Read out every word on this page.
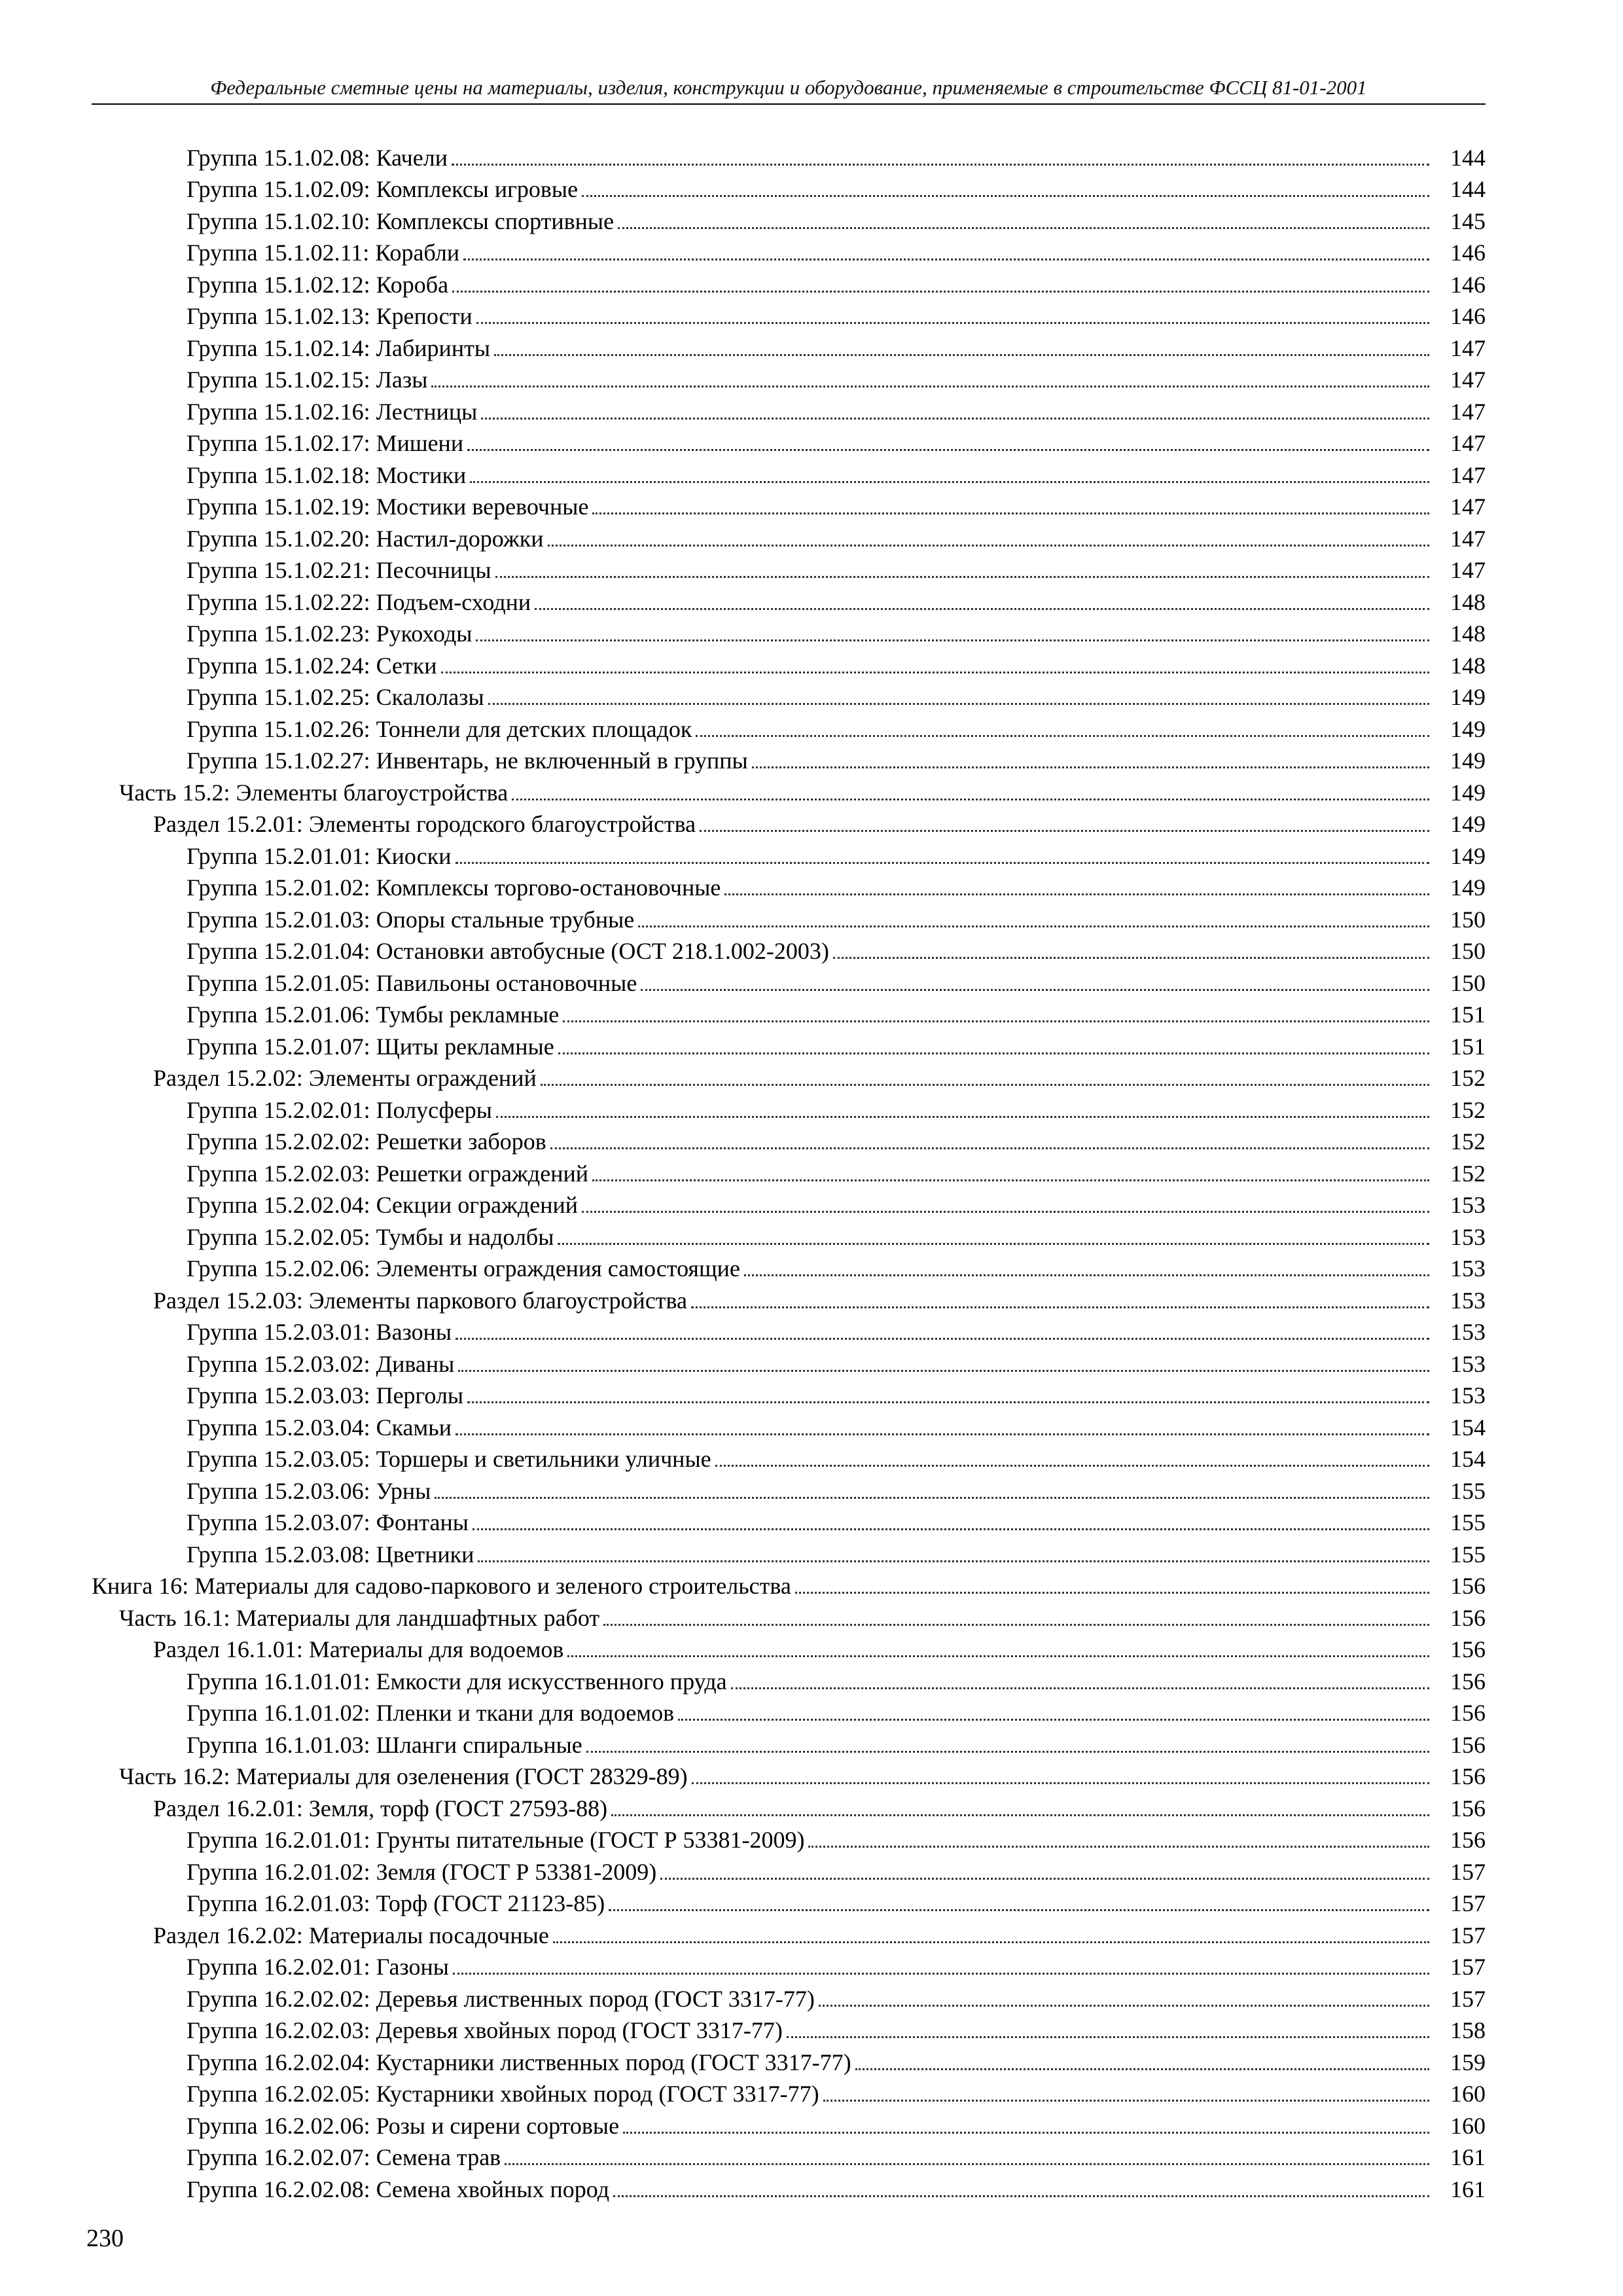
Федеральные сметные цены на материалы, изделия, конструкции и оборудование, применяемые в строительстве ФССЦ 81-01-2001
Группа 15.1.02.08: Качели	144
Группа 15.1.02.09: Комплексы игровые	144
Группа 15.1.02.10: Комплексы спортивные	145
Группа 15.1.02.11: Корабли	146
Группа 15.1.02.12: Короба	146
Группа 15.1.02.13: Крепости	146
Группа 15.1.02.14: Лабиринты	147
Группа 15.1.02.15: Лазы	147
Группа 15.1.02.16: Лестницы	147
Группа 15.1.02.17: Мишени	147
Группа 15.1.02.18: Мостики	147
Группа 15.1.02.19: Мостики веревочные	147
Группа 15.1.02.20: Настил-дорожки	147
Группа 15.1.02.21: Песочницы	147
Группа 15.1.02.22: Подъем-сходни	148
Группа 15.1.02.23: Рукоходы	148
Группа 15.1.02.24: Сетки	148
Группа 15.1.02.25: Скалолазы	149
Группа 15.1.02.26: Тоннели для детских площадок	149
Группа 15.1.02.27: Инвентарь, не включенный в группы	149
Часть 15.2: Элементы благоустройства	149
Раздел 15.2.01: Элементы городского благоустройства	149
Группа 15.2.01.01: Киоски	149
Группа 15.2.01.02: Комплексы торгово-остановочные	149
Группа 15.2.01.03: Опоры стальные трубные	150
Группа 15.2.01.04: Остановки автобусные (ОСТ 218.1.002-2003)	150
Группа 15.2.01.05: Павильоны остановочные	150
Группа 15.2.01.06: Тумбы рекламные	151
Группа 15.2.01.07: Щиты рекламные	151
Раздел 15.2.02: Элементы ограждений	152
Группа 15.2.02.01: Полусферы	152
Группа 15.2.02.02: Решетки заборов	152
Группа 15.2.02.03: Решетки ограждений	152
Группа 15.2.02.04: Секции ограждений	153
Группа 15.2.02.05: Тумбы и надолбы	153
Группа 15.2.02.06: Элементы ограждения самостоящие	153
Раздел 15.2.03: Элементы паркового благоустройства	153
Группа 15.2.03.01: Вазоны	153
Группа 15.2.03.02: Диваны	153
Группа 15.2.03.03: Перголы	153
Группа 15.2.03.04: Скамьи	154
Группа 15.2.03.05: Торшеры и светильники уличные	154
Группа 15.2.03.06: Урны	155
Группа 15.2.03.07: Фонтаны	155
Группа 15.2.03.08: Цветники	155
Книга 16: Материалы для садово-паркового и зеленого строительства	156
Часть 16.1: Материалы для ландшафтных работ	156
Раздел 16.1.01: Материалы для водоемов	156
Группа 16.1.01.01: Емкости для искусственного пруда	156
Группа 16.1.01.02: Пленки и ткани для водоемов	156
Группа 16.1.01.03: Шланги спиральные	156
Часть 16.2: Материалы для озеленения (ГОСТ 28329-89)	156
Раздел 16.2.01: Земля, торф (ГОСТ 27593-88)	156
Группа 16.2.01.01: Грунты питательные (ГОСТ Р 53381-2009)	156
Группа 16.2.01.02: Земля (ГОСТ Р 53381-2009)	157
Группа 16.2.01.03: Торф (ГОСТ 21123-85)	157
Раздел 16.2.02: Материалы посадочные	157
Группа 16.2.02.01: Газоны	157
Группа 16.2.02.02: Деревья лиственных пород (ГОСТ 3317-77)	157
Группа 16.2.02.03: Деревья хвойных пород (ГОСТ 3317-77)	158
Группа 16.2.02.04: Кустарники лиственных пород (ГОСТ 3317-77)	159
Группа 16.2.02.05: Кустарники хвойных пород (ГОСТ 3317-77)	160
Группа 16.2.02.06: Розы и сирени сортовые	160
Группа 16.2.02.07: Семена трав	161
Группа 16.2.02.08: Семена хвойных пород	161
230
